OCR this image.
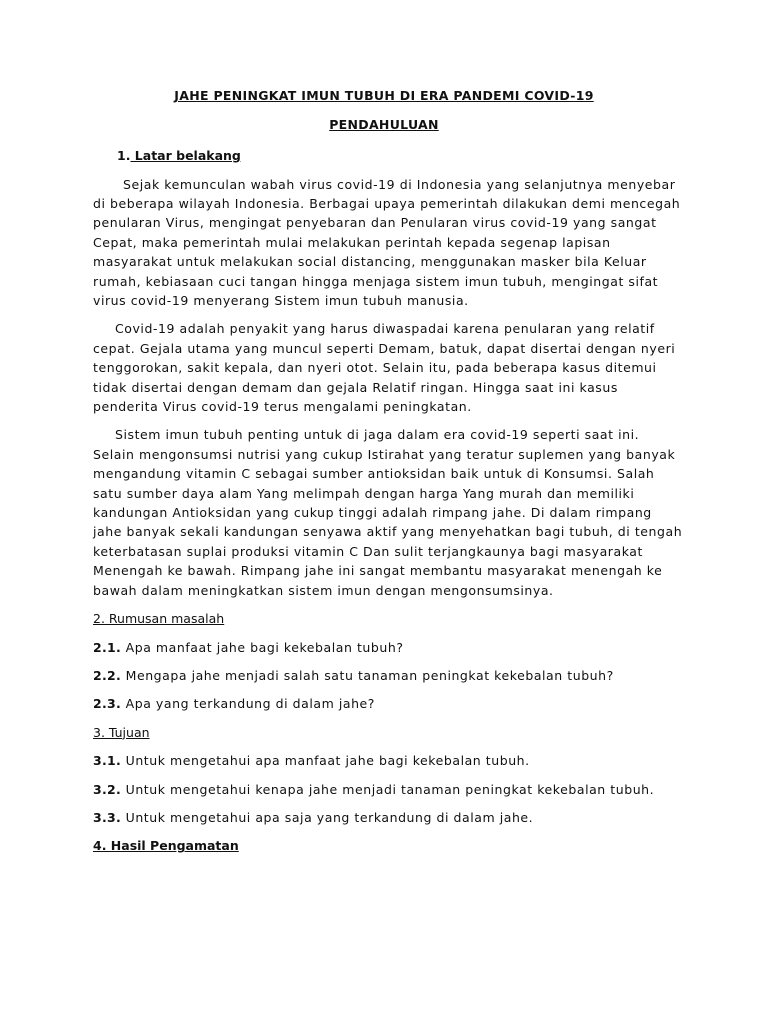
JAHE PENINGKAT IMUN TUBUH DI ERA PANDEMI COVID-19
PENDAHULUAN
1. Latar belakang

Sejak kemunculan wabah virus covid-19 di Indonesia yang selanjutnya menyebar di beberapa wilayah Indonesia. Berbagai upaya pemerintah dilakukan demi mencegah penularan Virus, mengingat penyebaran dan Penularan virus covid-19 yang sangat Cepat, maka pemerintah mulai melakukan perintah kepada segenap lapisan masyarakat untuk melakukan social distancing, menggunakan masker bila Keluar rumah, kebiasaan cuci tangan hingga menjaga sistem imun tubuh, mengingat sifat virus covid-19 menyerang Sistem imun tubuh manusia.

Covid-19 adalah penyakit yang harus diwaspadai karena penularan yang relatif cepat. Gejala utama yang muncul seperti Demam, batuk, dapat disertai dengan nyeri tenggorokan, sakit kepala, dan nyeri otot. Selain itu, pada beberapa kasus ditemui tidak disertai dengan demam dan gejala Relatif ringan. Hingga saat ini kasus penderita Virus covid-19 terus mengalami peningkatan.

Sistem imun tubuh penting untuk di jaga dalam era covid-19 seperti saat ini. Selain mengonsumsi nutrisi yang cukup Istirahat yang teratur suplemen yang banyak mengandung vitamin C sebagai sumber antioksidan baik untuk di Konsumsi. Salah satu sumber daya alam Yang melimpah dengan harga Yang murah dan memiliki kandungan Antioksidan yang cukup tinggi adalah rimpang jahe. Di dalam rimpang jahe banyak sekali kandungan senyawa aktif yang menyehatkan bagi tubuh, di tengah keterbatasan suplai produksi vitamin C Dan sulit terjangkaunya bagi masyarakat Menengah ke bawah. Rimpang jahe ini sangat membantu masyarakat menengah ke bawah dalam meningkatkan sistem imun dengan mengonsumsinya.

2. Rumusan masalah
2.1. Apa manfaat jahe bagi kekebalan tubuh?
2.2. Mengapa jahe menjadi salah satu tanaman peningkat kekebalan tubuh?
2.3. Apa yang terkandung di dalam jahe?
3. Tujuan
3.1. Untuk mengetahui apa manfaat jahe bagi kekebalan tubuh.
3.2. Untuk mengetahui kenapa jahe menjadi tanaman peningkat kekebalan tubuh.
3.3. Untuk mengetahui apa saja yang terkandung di dalam jahe.
4. Hasil Pengamatan
